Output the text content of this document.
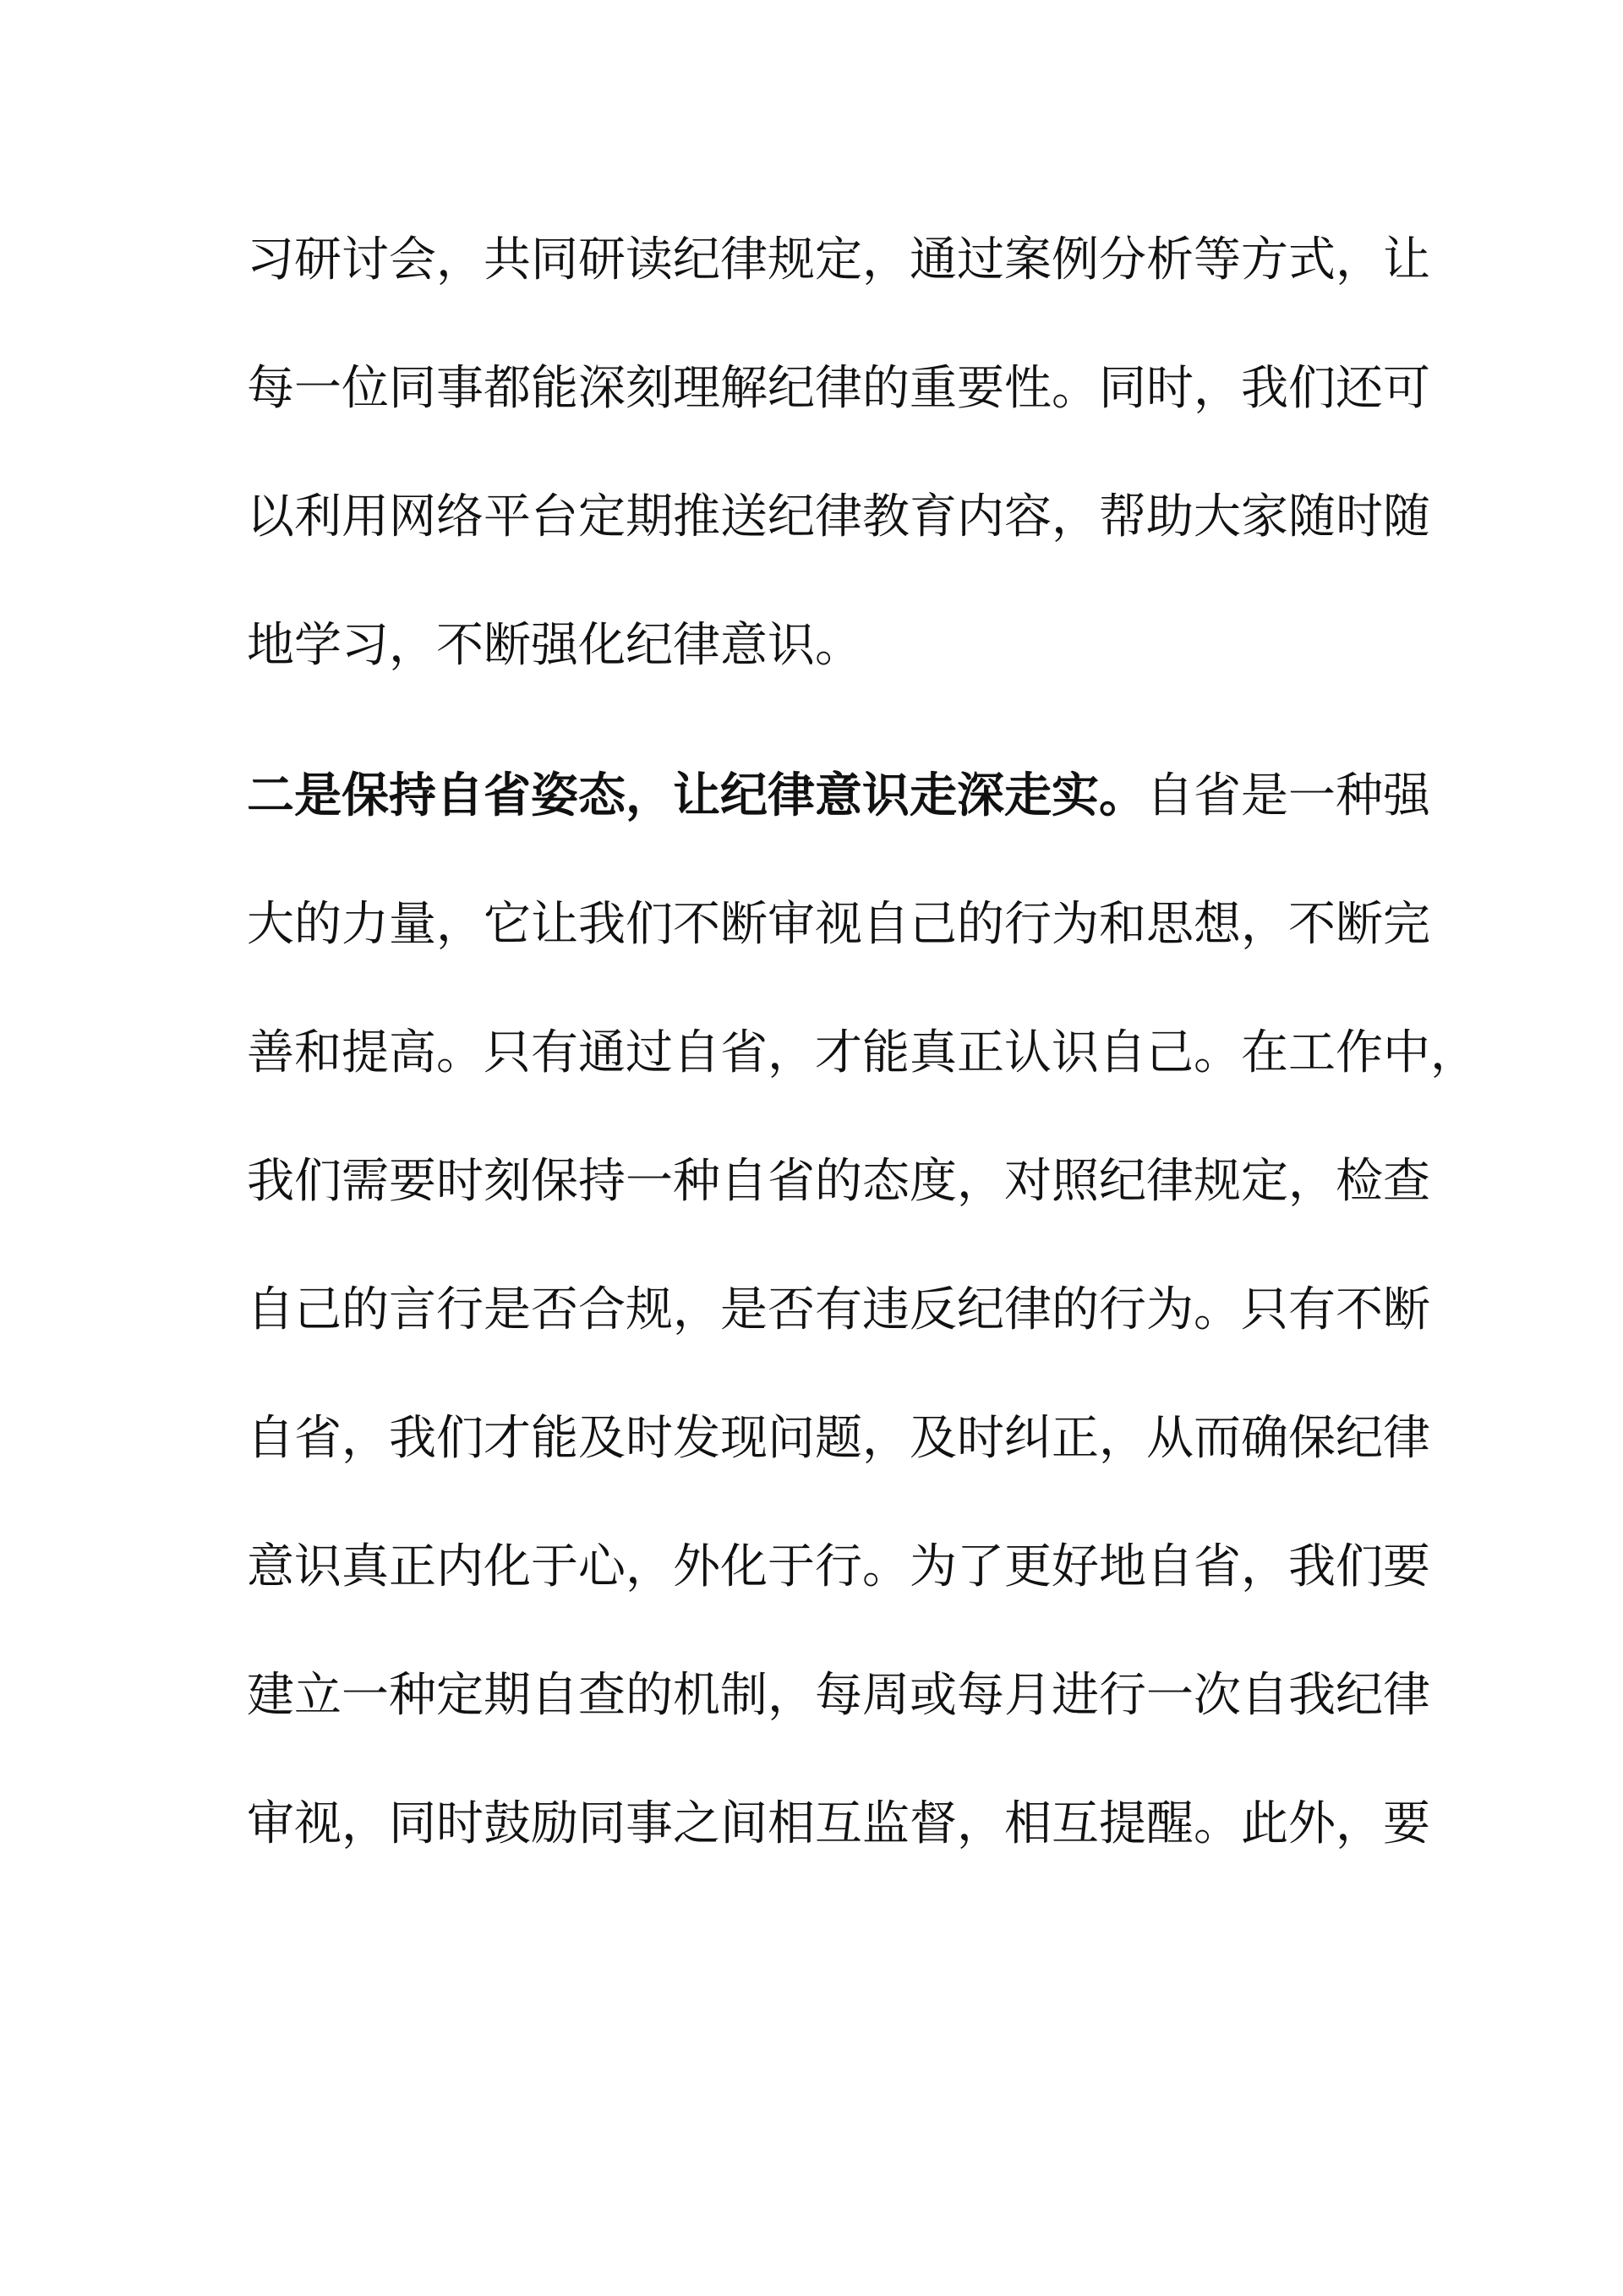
习研讨会，共同研读纪律规定，通过案例分析等方式，让
每一位同事都能深刻理解纪律的重要性。同时，我们还可
以利用网络平台定期推送纪律教育内容，帮助大家随时随
地学习，不断强化纪律意识。
二是保持自省姿态，让纪律意识走深走实。自省是一种强
大的力量，它让我们不断审视自己的行为和思想，不断完
善和提高。只有通过自省，才能真正认识自己。在工作中，
我们需要时刻保持一种自省的态度，对照纪律规定，检查
自己的言行是否合规，是否有违反纪律的行为。只有不断
自省，我们才能及时发现问题，及时纠正，从而确保纪律
意识真正内化于心，外化于行。为了更好地自省，我们要
建立一种定期自查的机制，每周或每月进行一次自我纪律
审视，同时鼓励同事之间相互监督，相互提醒。此外，要
